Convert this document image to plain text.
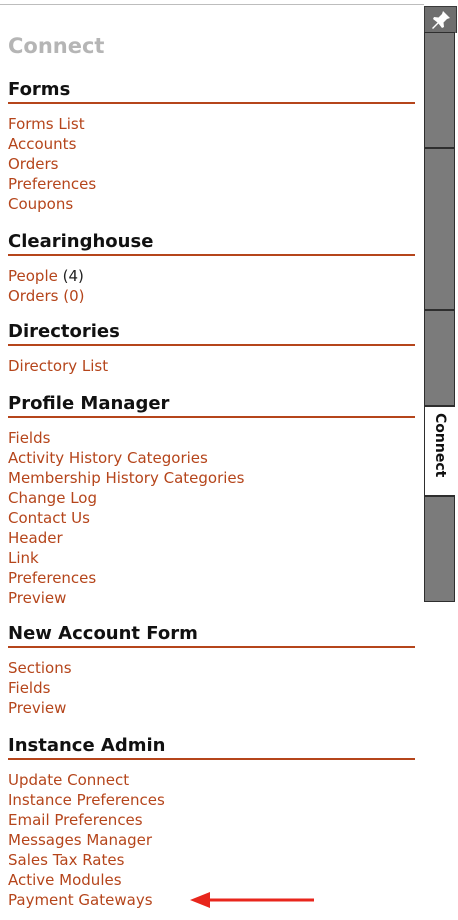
Connect
Forms
Forms List
Accounts
Orders
Preferences
Coupons
Clearinghouse
People (4)
Orders (0)
Directories
Directory List
Profile Manager
Fields
Activity History Categories
Membership History Categories
Change Log
Contact Us
Header
Link
Preferences
Preview
New Account Form
Sections
Fields
Preview
Instance Admin
Update Connect
Instance Preferences
Email Preferences
Messages Manager
Sales Tax Rates
Active Modules
Payment Gateways
Connect
